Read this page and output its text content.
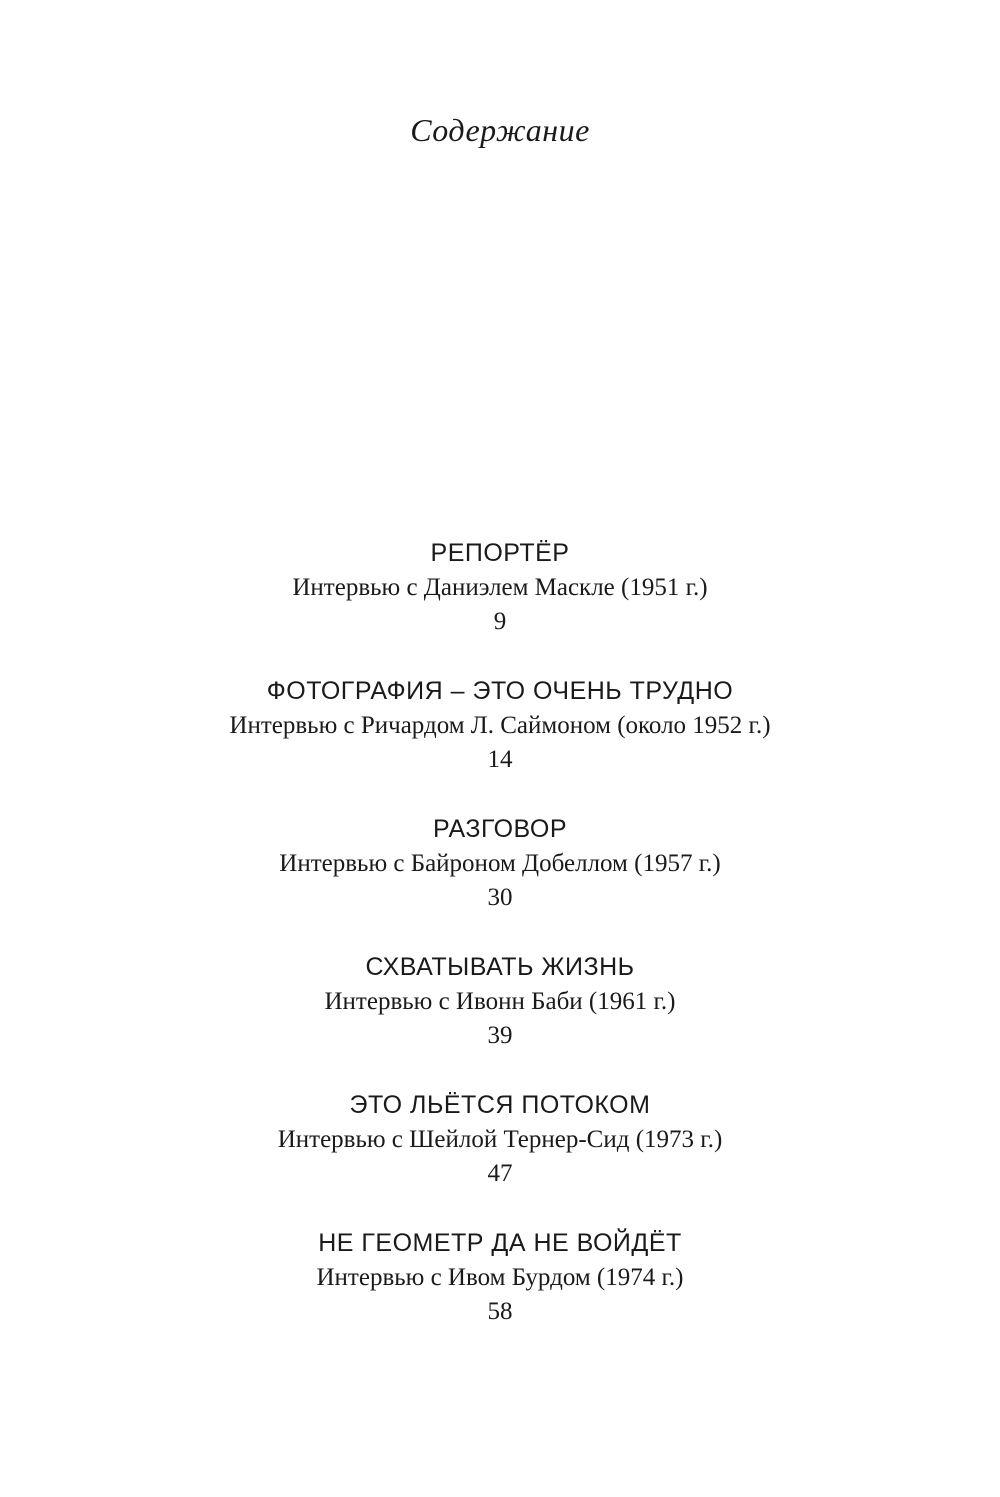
Содержание
РЕПОРТЁР
Интервью с Даниэлем Маскле (1951 г.)
9
ФОТОГРАФИЯ – ЭТО ОЧЕНЬ ТРУДНО
Интервью с Ричардом Л. Саймоном (около 1952 г.)
14
РАЗГОВОР
Интервью с Байроном Добеллом (1957 г.)
30
СХВАТЫВАТЬ ЖИЗНЬ
Интервью с Ивонн Баби (1961 г.)
39
ЭТО ЛЬЁТСЯ ПОТОКОМ
Интервью с Шейлой Тернер-Сид (1973 г.)
47
НЕ ГЕОМЕТР ДА НЕ ВОЙДЁТ
Интервью с Ивом Бурдом (1974 г.)
58
